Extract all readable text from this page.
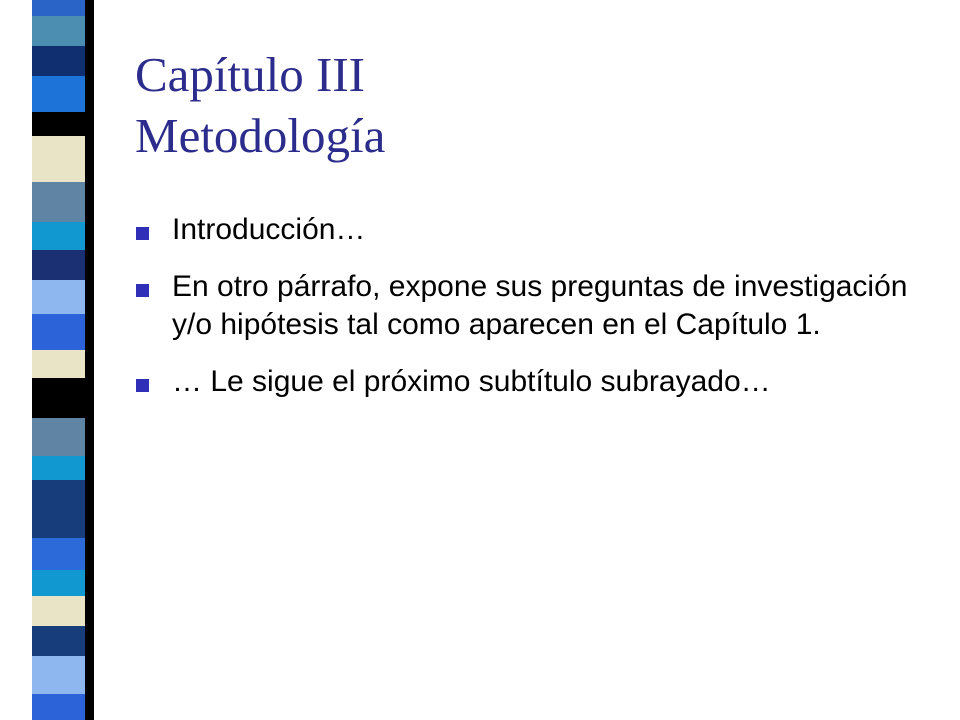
Capítulo III
Metodología
Introducción…
En otro párrafo, expone sus preguntas de investigación y/o hipótesis tal como aparecen en el Capítulo 1.
… Le sigue el próximo subtítulo subrayado…
